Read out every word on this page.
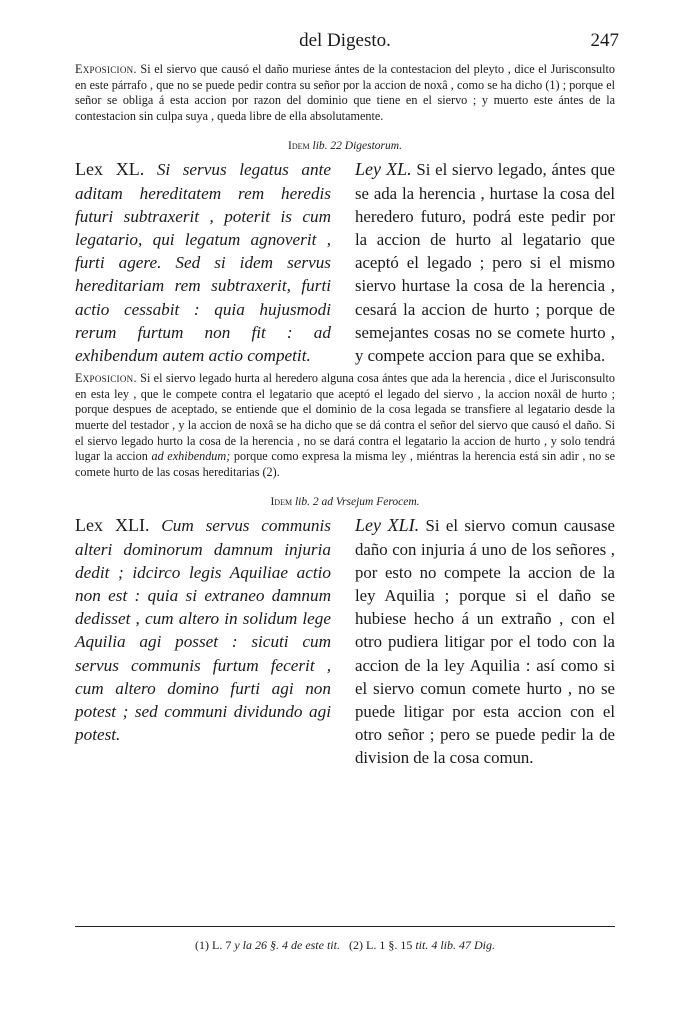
del Digesto.	247

Exposicion. Si el siervo que causó el daño muriese ántes de la contestacion del pleyto , dice el Jurisconsulto en este párrafo , que no se puede pedir contra su señor por la accion de noxâ , como se ha dicho (1) ; porque el señor se obliga á esta accion por razon del dominio que tiene en el siervo ; y muerto este ántes de la contestacion sin culpa suya , queda libre de ella absolutamente.

Idem lib. 22 Digestorum.
Lex XL. Si servus legatus ante aditam hereditatem rem heredis futuri subtraxerit , poterit is cum legatario, qui legatum agnoverit , furti agere. Sed si idem servus hereditariam rem subtraxerit, furti actio cessabit : quia hujusmodi rerum furtum non fit : ad exhibendum autem actio competit.
Ley XL. Si el siervo legado, ántes que se ada la herencia , hurtase la cosa del heredero futuro, podrá este pedir por la accion de hurto al legatario que aceptó el legado ; pero si el mismo siervo hurtase la cosa de la herencia , cesará la accion de hurto ; porque de semejantes cosas no se comete hurto , y compete accion para que se exhiba.

Exposicion. Si el siervo legado hurta al heredero alguna cosa ántes que ada la herencia , dice el Jurisconsulto en esta ley , que le compete contra el legatario que aceptó el legado del siervo , la accion noxâl de hurto ; porque despues de aceptado, se entiende que el dominio de la cosa legada se transfiere al legatario desde la muerte del testador , y la accion de noxâ se ha dicho que se dá contra el señor del siervo que causó el daño. Si el siervo legado hurto la cosa de la herencia , no se dará contra el legatario la accion de hurto , y solo tendrá lugar la accion ad exhibendum; porque como expresa la misma ley , miéntras la herencia está sin adir , no se comete hurto de las cosas hereditarias (2).

Idem lib. 2 ad Vrsejum Ferocem.
Lex XLI. Cum servus communis alteri dominorum damnum injuria dedit ; idcirco legis Aquiliae actio non est : quia si extraneo damnum dedisset , cum altero in solidum lege Aquilia agi posset : sicuti cum servus communis furtum fecerit , cum altero domino furti agi non potest ; sed communi dividundo agi potest.
Ley XLI. Si el siervo comun causase daño con injuria á uno de los señores , por esto no compete la accion de la ley Aquilia ; porque si el daño se hubiese hecho á un extraño , con el otro pudiera litigar por el todo con la accion de la ley Aquilia : así como si el siervo comun comete hurto , no se puede litigar por esta accion con el otro señor ; pero se puede pedir la de division de la cosa comun.
(1) L. 7 y la 26 §. 4 de este tit. (2) L. 1 §. 15 tit. 4 lib. 47 Dig.
